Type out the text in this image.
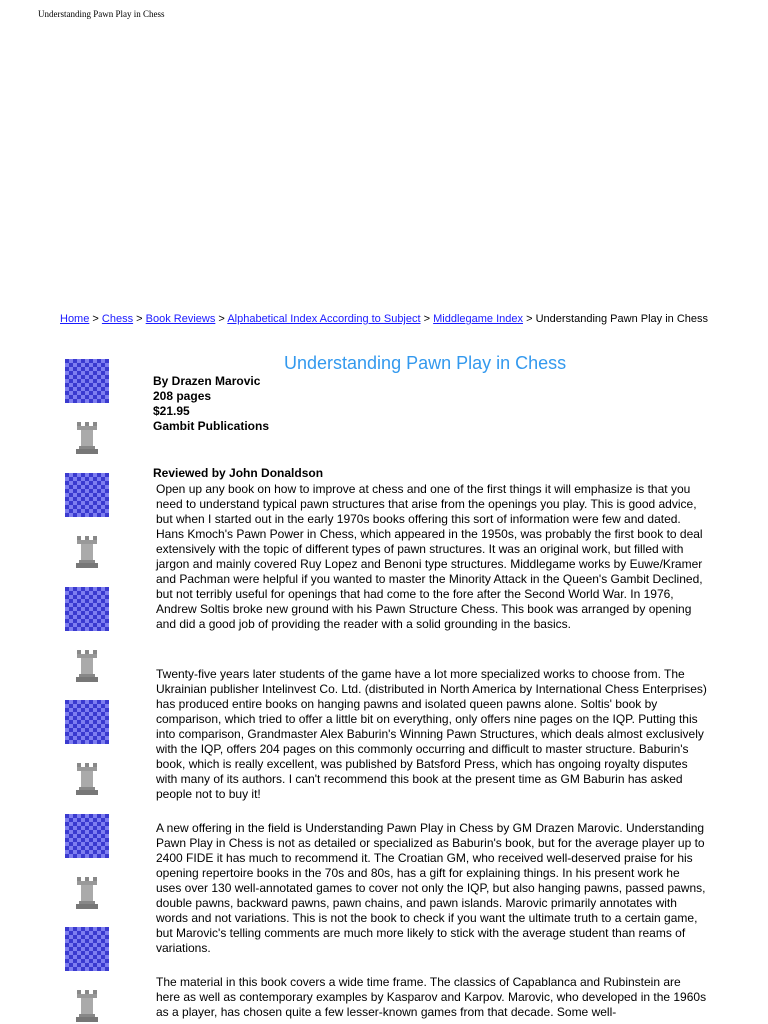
Understanding Pawn Play in Chess
Home > Chess > Book Reviews > Alphabetical Index According to Subject > Middlegame Index > Understanding Pawn Play in Chess
Understanding Pawn Play in Chess
By Drazen Marovic
208 pages
$21.95
Gambit Publications
Reviewed by John Donaldson

Open up any book on how to improve at chess and one of the first things it will emphasize is that you need to understand typical pawn structures that arise from the openings you play. This is good advice, but when I started out in the early 1970s books offering this sort of information were few and dated. Hans Kmoch's Pawn Power in Chess, which appeared in the 1950s, was probably the first book to deal extensively with the topic of different types of pawn structures. It was an original work, but filled with jargon and mainly covered Ruy Lopez and Benoni type structures. Middlegame works by Euwe/Kramer and Pachman were helpful if you wanted to master the Minority Attack in the Queen's Gambit Declined, but not terribly useful for openings that had come to the fore after the Second World War. In 1976, Andrew Soltis broke new ground with his Pawn Structure Chess. This book was arranged by opening and did a good job of providing the reader with a solid grounding in the basics.

Twenty-five years later students of the game have a lot more specialized works to choose from. The Ukrainian publisher Intelinvest Co. Ltd. (distributed in North America by International Chess Enterprises) has produced entire books on hanging pawns and isolated queen pawns alone. Soltis' book by comparison, which tried to offer a little bit on everything, only offers nine pages on the IQP. Putting this into comparison, Grandmaster Alex Baburin's Winning Pawn Structures, which deals almost exclusively with the IQP, offers 204 pages on this commonly occurring and difficult to master structure. Baburin's book, which is really excellent, was published by Batsford Press, which has ongoing royalty disputes with many of its authors. I can't recommend this book at the present time as GM Baburin has asked people not to buy it!

A new offering in the field is Understanding Pawn Play in Chess by GM Drazen Marovic. Understanding Pawn Play in Chess is not as detailed or specialized as Baburin's book, but for the average player up to 2400 FIDE it has much to recommend it. The Croatian GM, who received well-deserved praise for his opening repertoire books in the 70s and 80s, has a gift for explaining things. In his present work he uses over 130 well-annotated games to cover not only the IQP, but also hanging pawns, passed pawns, double pawns, backward pawns, pawn chains, and pawn islands. Marovic primarily annotates with words and not variations. This is not the book to check if you want the ultimate truth to a certain game, but Marovic's telling comments are much more likely to stick with the average student than reams of variations.

The material in this book covers a wide time frame. The classics of Capablanca and Rubinstein are here as well as contemporary examples by Kasparov and Karpov. Marovic, who developed in the 1960s as a player, has chosen quite a few lesser-known games from that decade. Some well-
